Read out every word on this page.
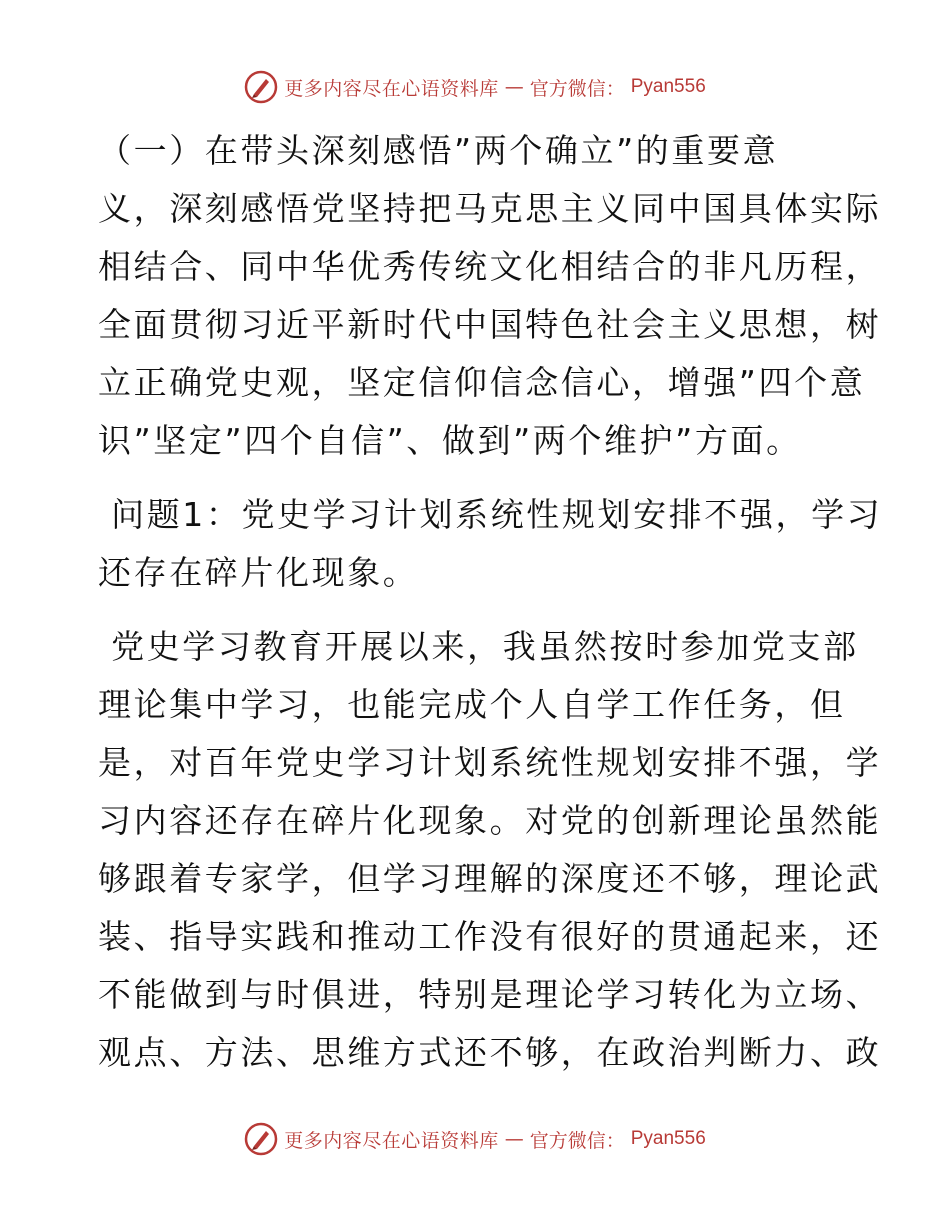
更多内容尽在心语资料库 — 官方微信： Pyan556
（一）在带头深刻感悟”两个确立”的重要意
义，深刻感悟党坚持把马克思主义同中国具体实际
相结合、同中华优秀传统文化相结合的非凡历程，
全面贯彻习近平新时代中国特色社会主义思想，树
立正确党史观，坚定信仰信念信心，增强”四个意
识”坚定”四个自信”、做到”两个维护”方面。
问题1：党史学习计划系统性规划安排不强，学习
还存在碎片化现象。
党史学习教育开展以来，我虽然按时参加党支部
理论集中学习，也能完成个人自学工作任务，但
是，对百年党史学习计划系统性规划安排不强，学
习内容还存在碎片化现象。对党的创新理论虽然能
够跟着专家学，但学习理解的深度还不够，理论武
装、指导实践和推动工作没有很好的贯通起来，还
不能做到与时俱进，特别是理论学习转化为立场、
观点、方法、思维方式还不够，在政治判断力、政
更多内容尽在心语资料库 — 官方微信： Pyan556
